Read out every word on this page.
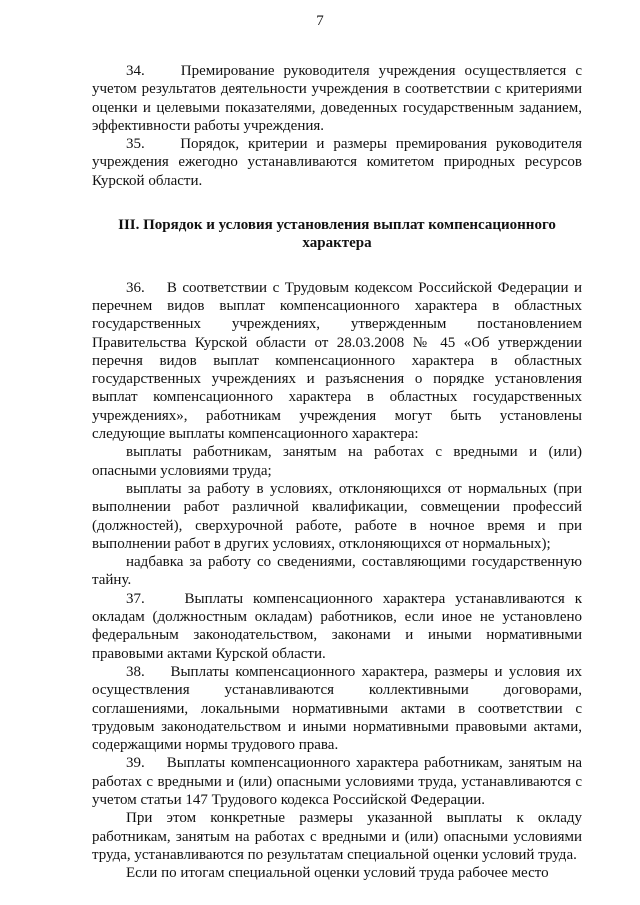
7

34. Премирование руководителя учреждения осуществляется с учетом результатов деятельности учреждения в соответствии с критериями оценки и целевыми показателями, доведенных государственным заданием, эффективности работы учреждения.

35. Порядок, критерии и размеры премирования руководителя учреждения ежегодно устанавливаются комитетом природных ресурсов Курской области.

III. Порядок и условия установления выплат компенсационного характера

36. В соответствии с Трудовым кодексом Российской Федерации и перечнем видов выплат компенсационного характера в областных государственных учреждениях, утвержденным постановлением Правительства Курской области от 28.03.2008 № 45 «Об утверждении перечня видов выплат компенсационного характера в областных государственных учреждениях и разъяснения о порядке установления выплат компенсационного характера в областных государственных учреждениях», работникам учреждения могут быть установлены следующие выплаты компенсационного характера:

выплаты работникам, занятым на работах с вредными и (или) опасными условиями труда;

выплаты за работу в условиях, отклоняющихся от нормальных (при выполнении работ различной квалификации, совмещении профессий (должностей), сверхурочной работе, работе в ночное время и при выполнении работ в других условиях, отклоняющихся от нормальных);

надбавка за работу со сведениями, составляющими государственную тайну.

37.	Выплаты компенсационного характера устанавливаются к окладам (должностным окладам) работников, если иное не установлено федеральным законодательством, законами и иными нормативными правовыми актами Курской области.

38. Выплаты компенсационного характера, размеры и условия их осуществления устанавливаются коллективными договорами, соглашениями, локальными нормативными актами в соответствии с трудовым законодательством и иными нормативными правовыми актами, содержащими нормы трудового права.

39. Выплаты компенсационного характера работникам, занятым на работах с вредными и (или) опасными условиями труда, устанавливаются с учетом статьи 147 Трудового кодекса Российской Федерации.

При этом конкретные размеры указанной выплаты к окладу работникам, занятым на работах с вредными и (или) опасными условиями труда, устанавливаются по результатам специальной оценки условий труда.

Если по итогам специальной оценки условий труда рабочее место
